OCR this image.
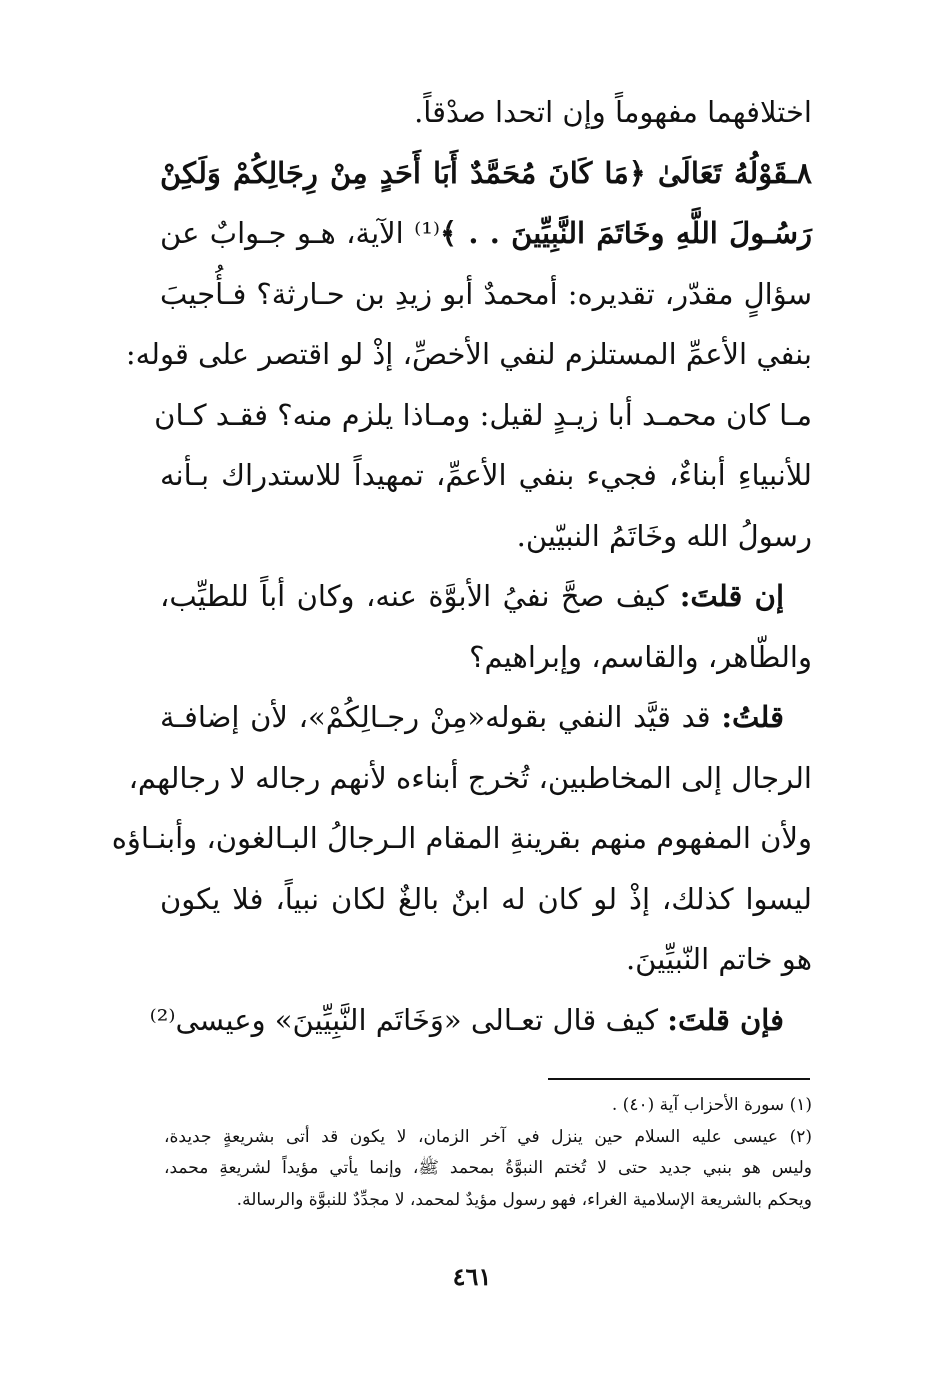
اختلافهما مفهوماً وإن اتحدا صدْقاً.
٨ـقَوْلُهُ تَعَالَىٰ ﴿مَا كَانَ مُحَمَّدٌ أَبَا أَحَدٍ مِنْ رِجَالِكُمْ وَلَكِنْ
رَسُـولَ اللَّهِ وخَاتَمَ النَّبِيِّينَ . . ﴾⁽¹⁾ الآية، هـو جـوابٌ عن
سؤالٍ مقدّر، تقديره: أمحمدٌ أبو زيدِ بن حـارثة؟ فـأُجيبَ
بنفي الأعمِّ المستلزم لنفي الأخصِّ، إذْ لو اقتصر على قوله:
مـا كان محمـد أبا زيـدٍ لقيل: ومـاذا يلزم منه؟ فقـد كـان
للأنبياءِ أبناءٌ، فجيء بنفي الأعمِّ، تمهيداً للاستدراك بـأنه
رسولُ الله وخَاتَمُ النبيّين.
إن قلتَ: كيف صحَّ نفيُ الأبوَّة عنه، وكان أباً للطيِّب،
والطّاهر، والقاسم، وإبراهيم؟
قلتُ: قد قيَّد النفي بقوله«مِنْ رجـالِكُمْ»، لأن إضافـة
الرجال إلى المخاطبين، تُخرج أبناءه لأنهم رجاله لا رجالهم،
ولأن المفهوم منهم بقرينةِ المقام الـرجالُ البـالغون، وأبنـاؤه
ليسوا كذلك، إذْ لو كان له ابنٌ بالغٌ لكان نبياً، فلا يكون
هو خاتم النّبيِّينَ.
فإن قلتَ: كيف قال تعـالى «وَخَاتَم النَّبِيِّينَ» وعيسى⁽²⁾
(١) سورة الأحزاب آية (٤٠) .
(٢) عيسى عليه السلام حين ينزل في آخر الزمان، لا يكون قد أتى بشريعةٍ جديدة،
وليس هو بنبي جديد حتى لا تُختم النبوَّةُ بمحمد ﷺ، وإنما يأتي مؤيداً لشريعةِ محمد،
ويحكم بالشريعة الإسلامية الغراء، فهو رسول مؤيدٌ لمحمد، لا مجدِّدٌ للنبوَّة والرسالة.
٤٦١
